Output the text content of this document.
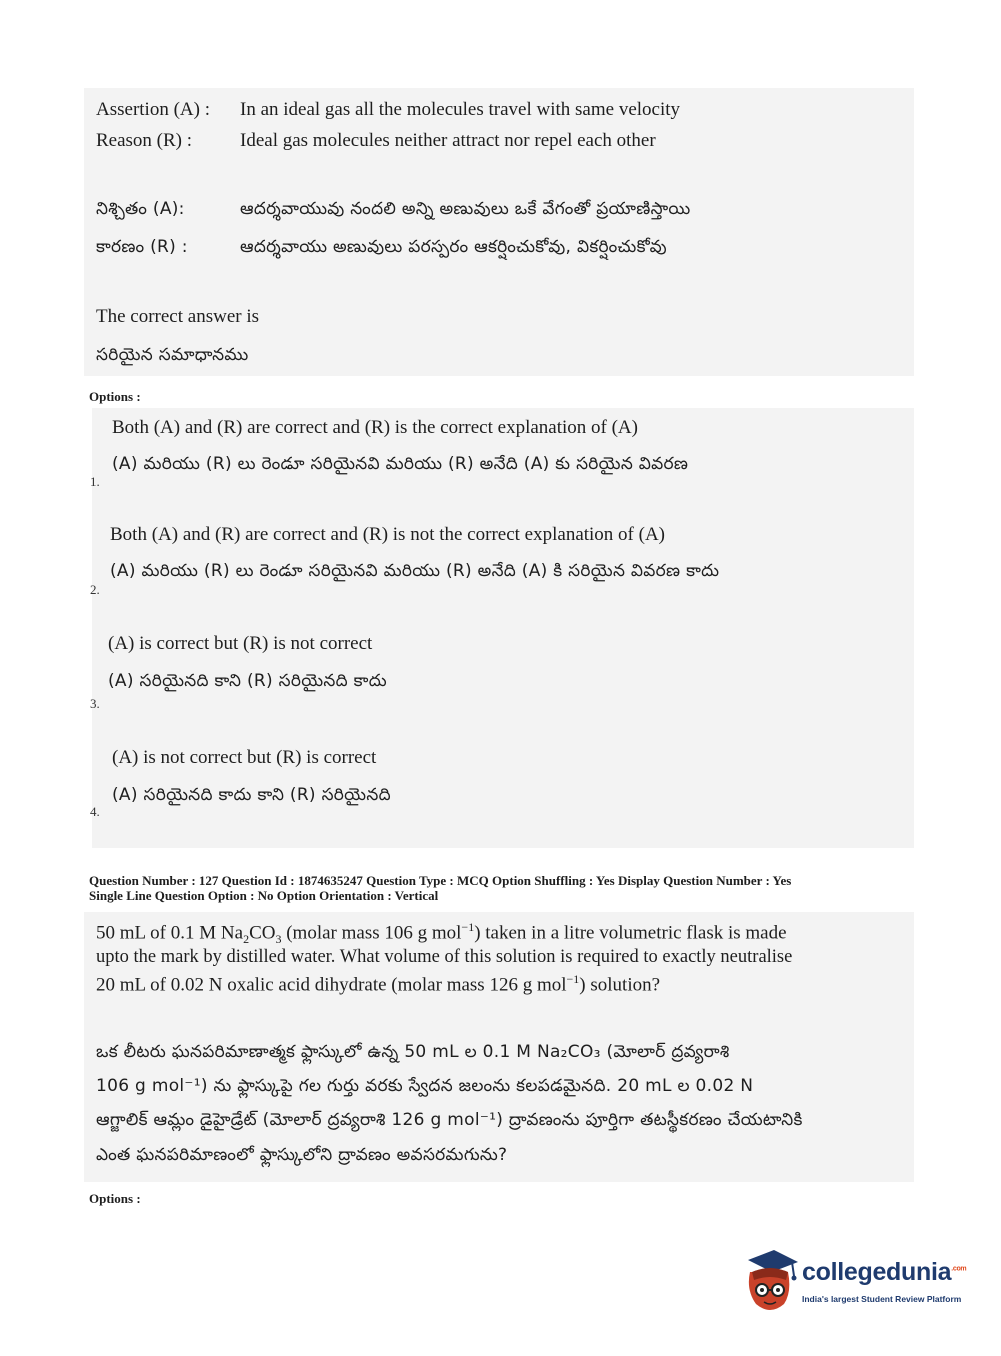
Assertion (A) : In an ideal gas all the molecules travel with same velocity
Reason (R) :	Ideal gas molecules neither attract nor repel each other
నిశ్చితం (A):	ఆదర్శవాయువు నందలి అన్ని అణువులు ఒకే వేగంతో ప్రయాణిస్తాయి
కారణం (R) :	ఆదర్శవాయు అణువులు పరస్పరం ఆకర్షించుకోవు, వికర్షించుకోవు
The correct answer is
సరియైన సమాధానము
Options :
Both (A) and (R) are correct and (R) is the correct explanation of (A)
(A) మరియు (R) లు రెండూ సరియైనవి మరియు (R) అనేది (A) కు సరియైన వివరణ
1.
Both (A) and (R) are correct and (R) is not the correct explanation of (A)
(A) మరియు (R) లు రెండూ సరియైనవి మరియు (R) అనేది (A) కి సరియైన వివరణ కాదు
2.
(A) is correct but (R) is not correct
(A) సరియైనది కాని (R) సరియైనది కాదు
3.
(A) is not correct but (R) is correct
(A) సరియైనది కాదు కాని (R) సరియైనది
4.
Question Number : 127 Question Id : 1874635247 Question Type : MCQ Option Shuffling : Yes Display Question Number : Yes
Single Line Question Option : No Option Orientation : Vertical
50 mL of 0.1 M $Na_2CO_3$ (molar mass 106 g mol$^{-1}$) taken in a litre volumetric flask is made
upto the mark by distilled water. What volume of this solution is required to exactly neutralise
20 mL of 0.02 N oxalic acid dihydrate (molar mass 126 g mol$^{-1}$) solution?
ఒక లీటరు ఘనపరిమాణాత్మక ఫ్లాస్కులో ఉన్న 50 mL ల 0.1 M Na₂CO₃ (మోలార్ ద్రవ్యరాశి
106 g mol⁻¹) ను ఫ్లాస్కుపై గల గుర్తు వరకు స్వేదన జలంను కలపడమైనది. 20 mL ల 0.02 N
ఆగ్జాలిక్ ఆమ్లం డైహైడ్రేట్ (మోలార్ ద్రవ్యరాశి 126 g mol⁻¹) ద్రావణంను పూర్తిగా తటస్థీకరణం చేయటానికి
ఎంత ఘనపరిమాణంలో ఫ్లాస్కులోని ద్రావణం అవసరమగును?
Options :
collegedunia$^{.com}$
India's largest Student Review Platform
